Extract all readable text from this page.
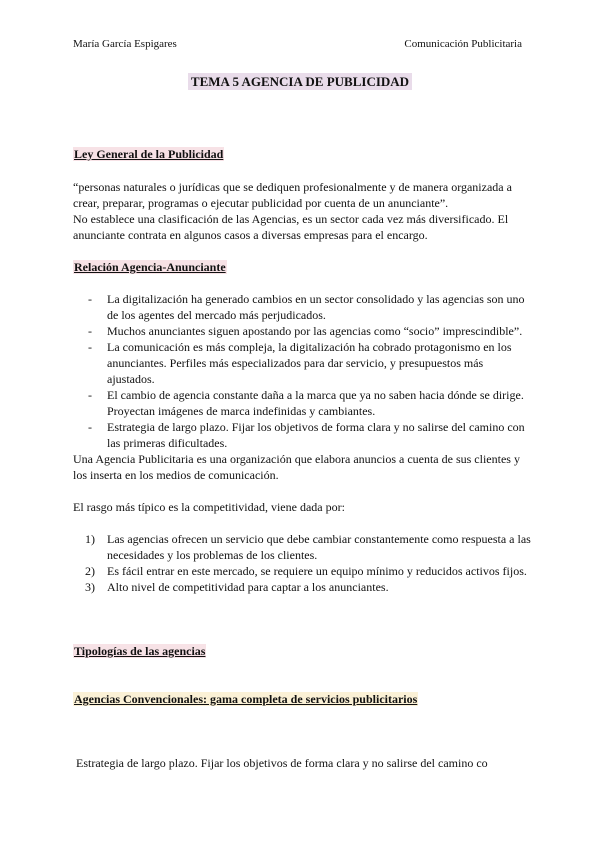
María García Espigares	Comunicación Publicitaria
TEMA 5 AGENCIA DE PUBLICIDAD
Ley General de la Publicidad
“personas naturales o jurídicas que se dediquen profesionalmente y de manera organizada a crear, preparar, programas o ejecutar publicidad por cuenta de un anunciante”.
No establece una clasificación de las Agencias, es un sector cada vez más diversificado. El anunciante contrata en algunos casos a diversas empresas para el encargo.
Relación Agencia-Anunciante
- La digitalización ha generado cambios en un sector consolidado y las agencias son uno de los agentes del mercado más perjudicados.
- Muchos anunciantes siguen apostando por las agencias como “socio” imprescindible”.
- La comunicación es más compleja, la digitalización ha cobrado protagonismo en los anunciantes. Perfiles más especializados para dar servicio, y presupuestos más ajustados.
- El cambio de agencia constante daña a la marca que ya no saben hacia dónde se dirige. Proyectan imágenes de marca indefinidas y cambiantes.
- Estrategia de largo plazo. Fijar los objetivos de forma clara y no salirse del camino con las primeras dificultades.
Una Agencia Publicitaria es una organización que elabora anuncios a cuenta de sus clientes y los inserta en los medios de comunicación.
El rasgo más típico es la competitividad, viene dada por:
1) Las agencias ofrecen un servicio que debe cambiar constantemente como respuesta a las necesidades y los problemas de los clientes.
2) Es fácil entrar en este mercado, se requiere un equipo mínimo y reducidos activos fijos.
3) Alto nivel de competitividad para captar a los anunciantes.
Tipologías de las agencias
Agencias Convencionales: gama completa de servicios publicitarios
Estrategia de largo plazo. Fijar los objetivos de forma clara y no salirse del camino co
